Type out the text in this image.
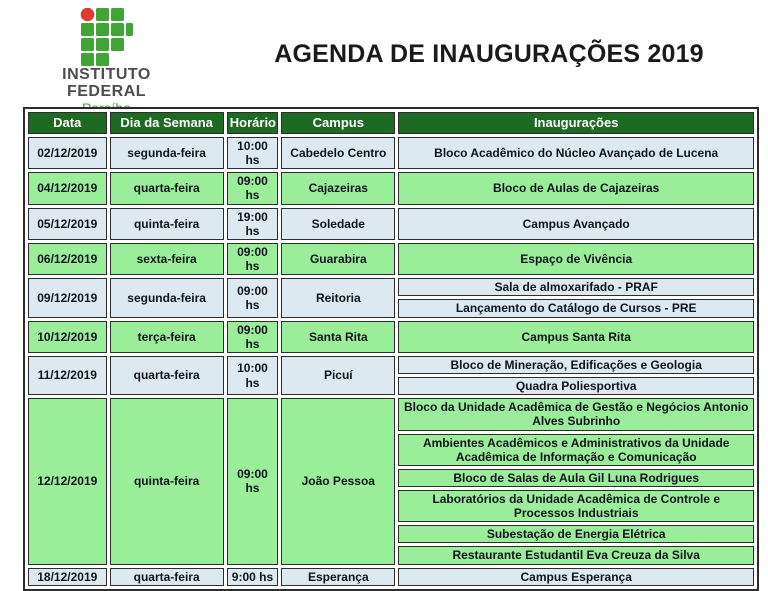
INSTITUTO
FEDERAL
AGENDA DE INAUGURAÇÕES 2019
Data	Dia da Semana	Horário	Campus	Inaugurações
02/12/2019	segunda-feira	10:00 hs	Cabedelo Centro	Bloco Acadêmico do Núcleo Avançado de Lucena
04/12/2019	quarta-feira	09:00 hs	Cajazeiras	Bloco de Aulas de Cajazeiras
05/12/2019	quinta-feira	19:00 hs	Soledade	Campus Avançado
06/12/2019	sexta-feira	09:00 hs	Guarabira	Espaço de Vivência
09/12/2019	segunda-feira	09:00 hs	Reitoria	Sala de almoxarifado - PRAF
				Lançamento do Catálogo de Cursos - PRE
10/12/2019	terça-feira	09:00 hs	Santa Rita	Campus Santa Rita
11/12/2019	quarta-feira	10:00 hs	Picuí	Bloco de Mineração, Edificações e Geologia
				Quadra Poliesportiva
12/12/2019	quinta-feira	09:00 hs	João Pessoa	Bloco da Unidade Acadêmica de Gestão e Negócios Antonio Alves Subrinho
				Ambientes Acadêmicos e Administrativos da Unidade Acadêmica de Informação e Comunicação
				Bloco de Salas de Aula Gil Luna Rodrigues
				Laboratórios da Unidade Acadêmica de Controle e Processos Industriais
				Subestação de Energia Elétrica
				Restaurante Estudantil Eva Creuza da Silva
18/12/2019	quarta-feira	9:00 hs	Esperança	Campus Esperança
